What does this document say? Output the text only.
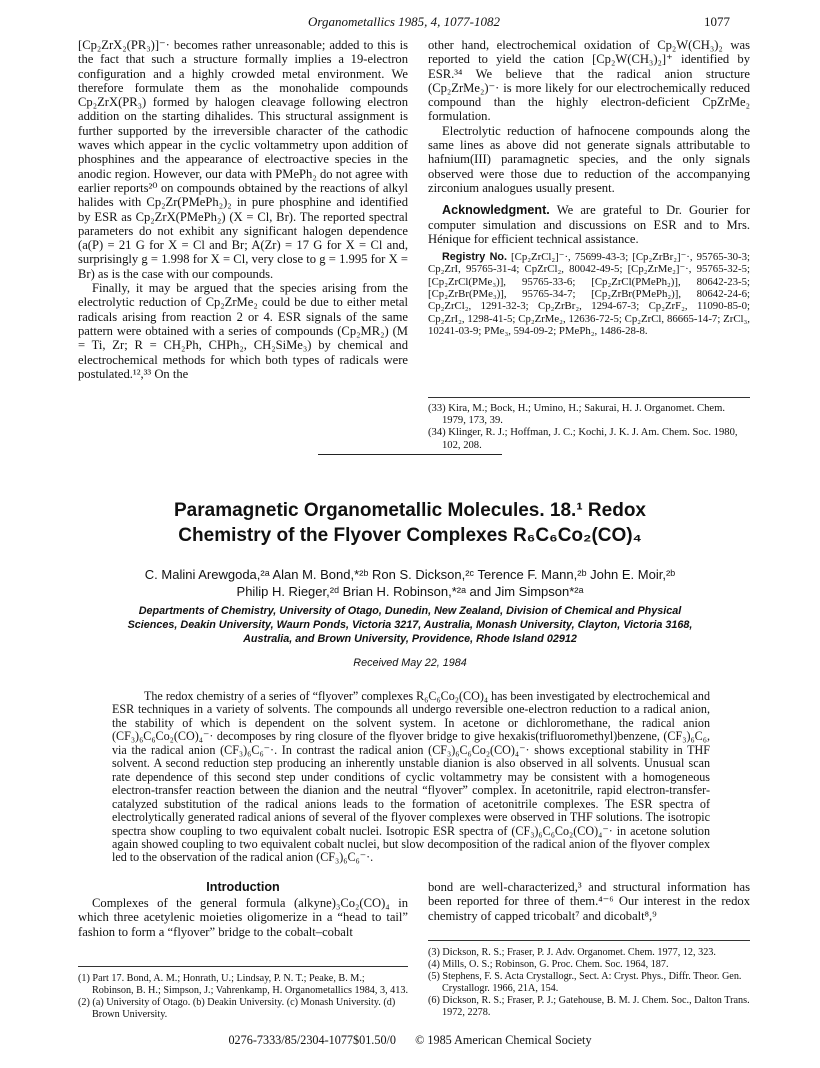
Organometallics 1985, 4, 1077-1082	1077

[Cp₂ZrX₂(PR₃)]⁻· becomes rather unreasonable; added to this is the fact that such a structure formally implies a 19-electron configuration and a highly crowded metal environment. We therefore formulate them as the monohalide compounds Cp₂ZrX(PR₃) formed by halogen cleavage following electron addition on the starting dihalides. This structural assignment is further supported by the irreversible character of the cathodic waves which appear in the cyclic voltammetry upon addition of phosphines and the appearance of electroactive species in the anodic region. However, our data with PMePh₂ do not agree with earlier reports²⁰ on compounds obtained by the reactions of alkyl halides with Cp₂Zr(PMePh₂)₂ in pure phosphine and identified by ESR as Cp₂ZrX(PMePh₂) (X = Cl, Br). The reported spectral parameters do not exhibit any significant halogen dependence (a(P) = 21 G for X = Cl and Br; A(Zr) = 17 G for X = Cl and, surprisingly g = 1.998 for X = Cl, very close to g = 1.995 for X = Br) as is the case with our compounds.

Finally, it may be argued that the species arising from the electrolytic reduction of Cp₂ZrMe₂ could be due to either metal radicals arising from reaction 2 or 4. ESR signals of the same pattern were obtained with a series of compounds (Cp₂MR₂) (M = Ti, Zr; R = CH₂Ph, CHPh₂, CH₂SiMe₃) by chemical and electrochemical methods for which both types of radicals were postulated.¹²,³³ On the

other hand, electrochemical oxidation of Cp₂W(CH₃)₂ was reported to yield the cation [Cp₂W(CH₃)₂]⁺ identified by ESR.³⁴ We believe that the radical anion structure (Cp₂ZrMe₂)⁻· is more likely for our electrochemically reduced compound than the highly electron-deficient CpZrMe₂ formulation.

Electrolytic reduction of hafnocene compounds along the same lines as above did not generate signals attributable to hafnium(III) paramagnetic species, and the only signals observed were those due to reduction of the accompanying zirconium analogues usually present.

Acknowledgment. We are grateful to Dr. Gourier for computer simulation and discussions on ESR and to Mrs. Hénique for efficient technical assistance.

Registry No. [Cp₂ZrCl₂]⁻·, 75699-43-3; [Cp₂ZrBr₂]⁻·, 95765-30-3; Cp₂ZrI, 95765-31-4; CpZrCl₂, 80042-49-5; [Cp₂ZrMe₂]⁻·, 95765-32-5; [Cp₂ZrCl(PMe₃)], 95765-33-6; [Cp₂ZrCl(PMePh₂)], 80642-23-5; [Cp₂ZrBr(PMe₃)], 95765-34-7; [Cp₂ZrBr(PMePh₂)], 80642-24-6; Cp₂ZrCl₂, 1291-32-3; Cp₂ZrBr₂, 1294-67-3; Cp₂ZrF₂, 11090-85-0; Cp₂ZrI₂, 1298-41-5; Cp₂ZrMe₂, 12636-72-5; Cp₂ZrCl, 86665-14-7; ZrCl₃, 10241-03-9; PMe₃, 594-09-2; PMePh₂, 1486-28-8.

(33) Kira, M.; Bock, H.; Umino, H.; Sakurai, H. J. Organomet. Chem. 1979, 173, 39.
(34) Klinger, R. J.; Hoffman, J. C.; Kochi, J. K. J. Am. Chem. Soc. 1980, 102, 208.
Paramagnetic Organometallic Molecules. 18.¹ Redox
Chemistry of the Flyover Complexes R₆C₆Co₂(CO)₄
C. Malini Arewgoda,²ᵃ Alan M. Bond,*²ᵇ Ron S. Dickson,²ᶜ Terence F. Mann,²ᵇ John E. Moir,²ᵇ
Philip H. Rieger,²ᵈ Brian H. Robinson,*²ᵃ and Jim Simpson*²ᵃ
Departments of Chemistry, University of Otago, Dunedin, New Zealand, Division of Chemical and Physical
Sciences, Deakin University, Waurn Ponds, Victoria 3217, Australia, Monash University, Clayton, Victoria 3168,
Australia, and Brown University, Providence, Rhode Island 02912
Received May 22, 1984

The redox chemistry of a series of “flyover” complexes R₆C₆Co₂(CO)₄ has been investigated by electrochemical and ESR techniques in a variety of solvents. The compounds all undergo reversible one-electron reduction to a radical anion, the stability of which is dependent on the solvent system. In acetone or dichloromethane, the radical anion (CF₃)₆C₆Co₂(CO)₄⁻· decomposes by ring closure of the flyover bridge to give hexakis(trifluoromethyl)benzene, (CF₃)₆C₆, via the radical anion (CF₃)₆C₆⁻·. In contrast the radical anion (CF₃)₆C₆Co₂(CO)₄⁻· shows exceptional stability in THF solvent. A second reduction step producing an inherently unstable dianion is also observed in all solvents. Unusual scan rate dependence of this second step under conditions of cyclic voltammetry may be consistent with a homogeneous electron-transfer reaction between the dianion and the neutral “flyover” complex. In acetonitrile, rapid electron-transfer-catalyzed substitution of the radical anions leads to the formation of acetonitrile complexes. The ESR spectra of electrolytically generated radical anions of several of the flyover complexes were observed in THF solutions. The isotropic spectra show coupling to two equivalent cobalt nuclei. Isotropic ESR spectra of (CF₃)₆C₆Co₂(CO)₄⁻· in acetone solution again showed coupling to two equivalent cobalt nuclei, but slow decomposition of the radical anion of the flyover complex led to the observation of the radical anion (CF₃)₆C₆⁻·.

Introduction

Complexes of the general formula (alkyne)₃Co₂(CO)₄ in which three acetylenic moieties oligomerize in a “head to tail” fashion to form a “flyover” bridge to the cobalt–cobalt

bond are well-characterized,³ and structural information has been reported for three of them.⁴⁻⁶ Our interest in the redox chemistry of capped tricobalt⁷ and dicobalt⁸,⁹

(1) Part 17. Bond, A. M.; Honrath, U.; Lindsay, P. N. T.; Peake, B. M.; Robinson, B. H.; Simpson, J.; Vahrenkamp, H. Organometallics 1984, 3, 413.
(2) (a) University of Otago. (b) Deakin University. (c) Monash University. (d) Brown University.
(3) Dickson, R. S.; Fraser, P. J. Adv. Organomet. Chem. 1977, 12, 323.
(4) Mills, O. S.; Robinson, G. Proc. Chem. Soc. 1964, 187.
(5) Stephens, F. S. Acta Crystallogr., Sect. A: Cryst. Phys., Diffr. Theor. Gen. Crystallogr. 1966, 21A, 154.
(6) Dickson, R. S.; Fraser, P. J.; Gatehouse, B. M. J. Chem. Soc., Dalton Trans. 1972, 2278.
0276-7333/85/2304-1077$01.50/0 © 1985 American Chemical Society
